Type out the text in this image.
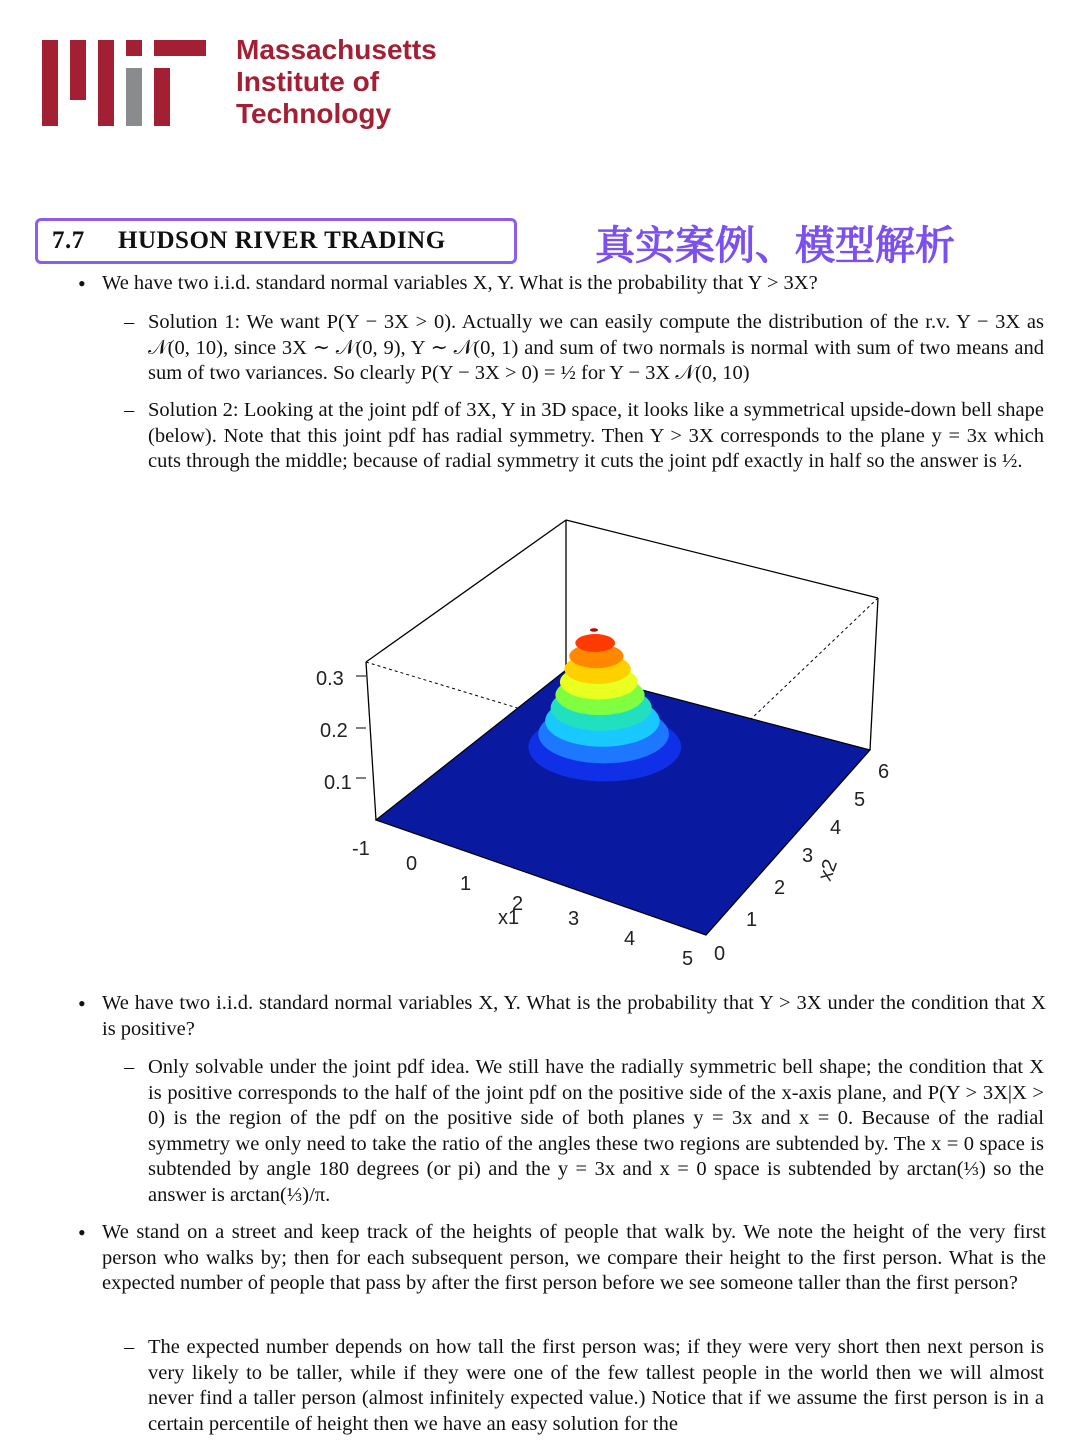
Massachusetts
Institute of
Technology
7.7	HUDSON RIVER TRADING	真实案例、模型解析
• We have two i.i.d. standard normal variables X, Y. What is the probability that Y > 3X?
– Solution 1: We want P(Y − 3X > 0). Actually we can easily compute the distribution of the r.v. Y − 3X as 𝒩(0, 10), since 3X ∼ 𝒩(0, 9), Y ∼ 𝒩(0, 1) and sum of two normals is normal with sum of two means and sum of two variances. So clearly P(Y − 3X > 0) = ½ for Y − 3X 𝒩(0, 10)
– Solution 2: Looking at the joint pdf of 3X, Y in 3D space, it looks like a symmetrical upside-down bell shape (below). Note that this joint pdf has radial symmetry. Then Y > 3X corresponds to the plane y = 3x which cuts through the middle; because of radial symmetry it cuts the joint pdf exactly in half so the answer is ½.
0.3
0.2
0.1
-1
0
1
2
3
4
5
x1
0
1
2
3
4
5
6
x2
• We have two i.i.d. standard normal variables X, Y. What is the probability that Y > 3X under the condition that X is positive?
– Only solvable under the joint pdf idea. We still have the radially symmetric bell shape; the condition that X is positive corresponds to the half of the joint pdf on the positive side of the x-axis plane, and P(Y > 3X|X > 0) is the region of the pdf on the positive side of both planes y = 3x and x = 0. Because of the radial symmetry we only need to take the ratio of the angles these two regions are subtended by. The x = 0 space is subtended by angle 180 degrees (or pi) and the y = 3x and x = 0 space is subtended by arctan(⅓) so the answer is arctan(⅓)/π.
• We stand on a street and keep track of the heights of people that walk by. We note the height of the very first person who walks by; then for each subsequent person, we compare their height to the first person. What is the expected number of people that pass by after the first person before we see someone taller than the first person?
– The expected number depends on how tall the first person was; if they were very short then next person is very likely to be taller, while if they were one of the few tallest people in the world then we will almost never find a taller person (almost infinitely expected value.) Notice that if we assume the first person is in a certain percentile of height then we have an easy solution for the
